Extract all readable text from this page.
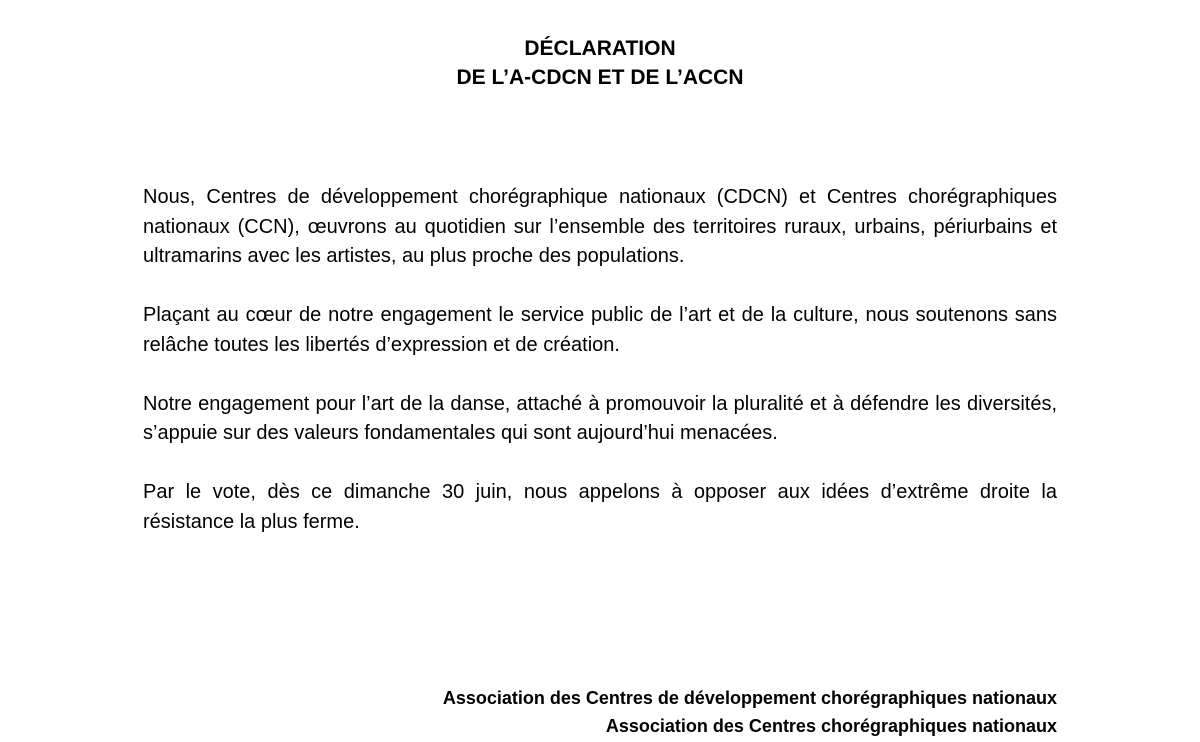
DÉCLARATION
DE L’A-CDCN ET DE L’ACCN

Nous, Centres de développement chorégraphique nationaux (CDCN) et Centres chorégraphiques nationaux (CCN), œuvrons au quotidien sur l’ensemble des territoires ruraux, urbains, périurbains et ultramarins avec les artistes, au plus proche des populations.

Plaçant au cœur de notre engagement le service public de l’art et de la culture, nous soutenons sans relâche toutes les libertés d’expression et de création.

Notre engagement pour l’art de la danse, attaché à promouvoir la pluralité et à défendre les diversités, s’appuie sur des valeurs fondamentales qui sont aujourd’hui menacées.

Par le vote, dès ce dimanche 30 juin, nous appelons à opposer aux idées d’extrême droite la résistance la plus ferme.

Association des Centres de développement chorégraphiques nationaux
Association des Centres chorégraphiques nationaux
